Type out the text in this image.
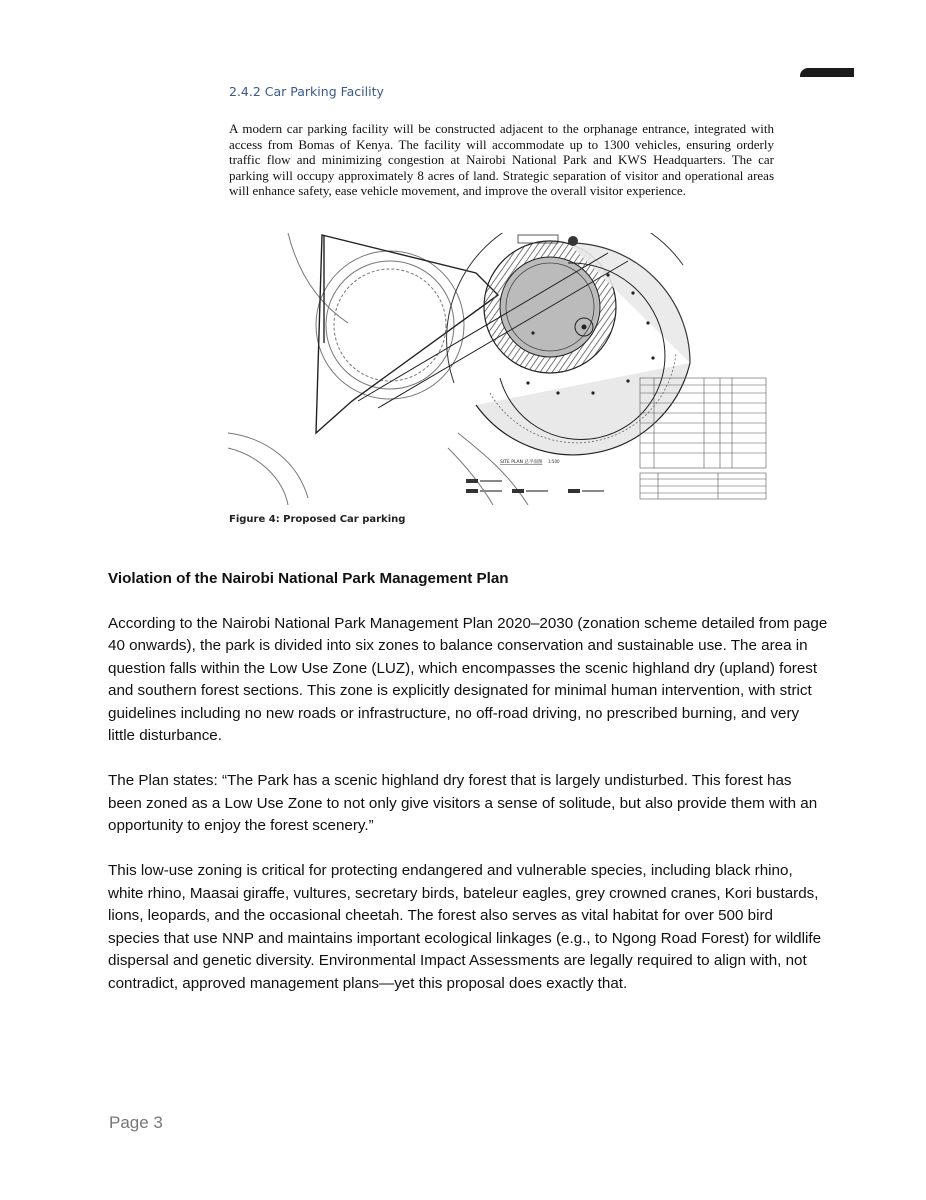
2.4.2 Car Parking Facility
A modern car parking facility will be constructed adjacent to the orphanage entrance, integrated with access from Bomas of Kenya. The facility will accommodate up to 1300 vehicles, ensuring orderly traffic flow and minimizing congestion at Nairobi National Park and KWS Headquarters. The car parking will occupy approximately 8 acres of land. Strategic separation of visitor and operational areas will enhance safety, ease vehicle movement, and improve the overall visitor experience.
SITE PLAN 总平面图 1:500
Figure 4: Proposed Car parking
Violation of the Nairobi National Park Management Plan

According to the Nairobi National Park Management Plan 2020–2030 (zonation scheme detailed from page 40 onwards), the park is divided into six zones to balance conservation and sustainable use. The area in question falls within the Low Use Zone (LUZ), which encompasses the scenic highland dry (upland) forest and southern forest sections. This zone is explicitly designated for minimal human intervention, with strict guidelines including no new roads or infrastructure, no off-road driving, no prescribed burning, and very little disturbance.

The Plan states: “The Park has a scenic highland dry forest that is largely undisturbed. This forest has been zoned as a Low Use Zone to not only give visitors a sense of solitude, but also provide them with an opportunity to enjoy the forest scenery.”

This low-use zoning is critical for protecting endangered and vulnerable species, including black rhino, white rhino, Maasai giraffe, vultures, secretary birds, bateleur eagles, grey crowned cranes, Kori bustards, lions, leopards, and the occasional cheetah. The forest also serves as vital habitat for over 500 bird species that use NNP and maintains important ecological linkages (e.g., to Ngong Road Forest) for wildlife dispersal and genetic diversity. Environmental Impact Assessments are legally required to align with, not contradict, approved management plans—yet this proposal does exactly that.

Page 3
